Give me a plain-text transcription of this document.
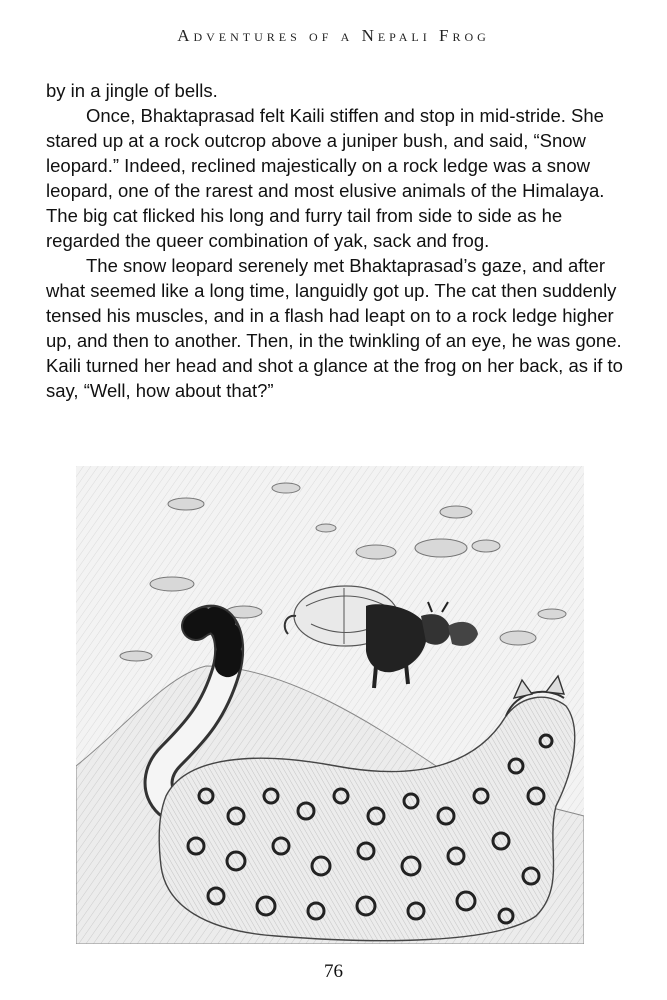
Adventures of a Nepali Frog

by in a jingle of bells.

Once, Bhaktaprasad felt Kaili stiffen and stop in mid-stride. She stared up at a rock outcrop above a juniper bush, and said, “Snow leopard.” Indeed, reclined majestically on a rock ledge was a snow leopard, one of the rarest and most elusive animals of the Himalaya. The big cat flicked his long and furry tail from side to side as he regarded the queer combination of yak, sack and frog.

The snow leopard serenely met Bhaktaprasad’s gaze, and after what seemed like a long time, languidly got up. The cat then suddenly tensed his muscles, and in a flash had leapt on to a rock ledge higher up, and then to another. Then, in the twinkling of an eye, he was gone. Kaili turned her head and shot a glance at the frog on her back, as if to say, “Well, how about that?”

76
